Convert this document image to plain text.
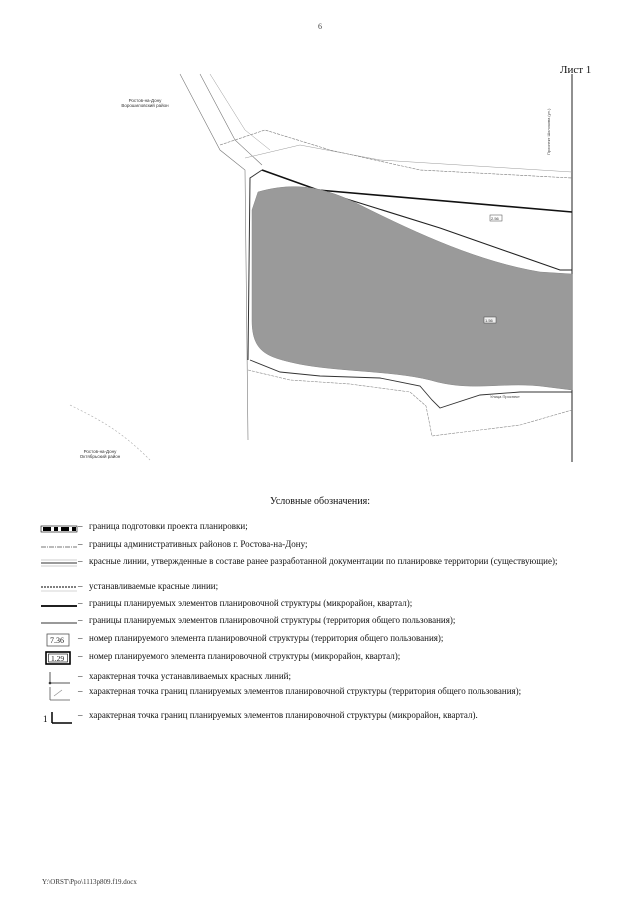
6
Лист 1
2.56
1.56
Ростов-на-Дону
Ворошиловский район
Ростов-на-Дону
Октябрьский район
Проспект Шолохова (ул.)
Улица Проспект
Условные обозначения:
– граница подготовки проекта планировки;
– границы административных районов г. Ростова-на-Дону;
– красные линии, утвержденные в составе ранее разработанной документации по планировке территории (существующие);
– устанавливаемые красные линии;
– границы планируемых элементов планировочной структуры (микрорайон, квартал);
– границы планируемых элементов планировочной структуры (территория общего пользования);
7.36 – номер планируемого элемента планировочной структуры (территория общего пользования);
1.29 – номер планируемого элемента планировочной структуры (микрорайон, квартал);
– характерная точка устанавливаемых красных линий;
– характерная точка границ планируемых элементов планировочной структуры (территория общего пользования);
1	– характерная точка границ планируемых элементов планировочной структуры (микрорайон, квартал).
Y:\ORST\Ppo\1113p809.f19.docx
